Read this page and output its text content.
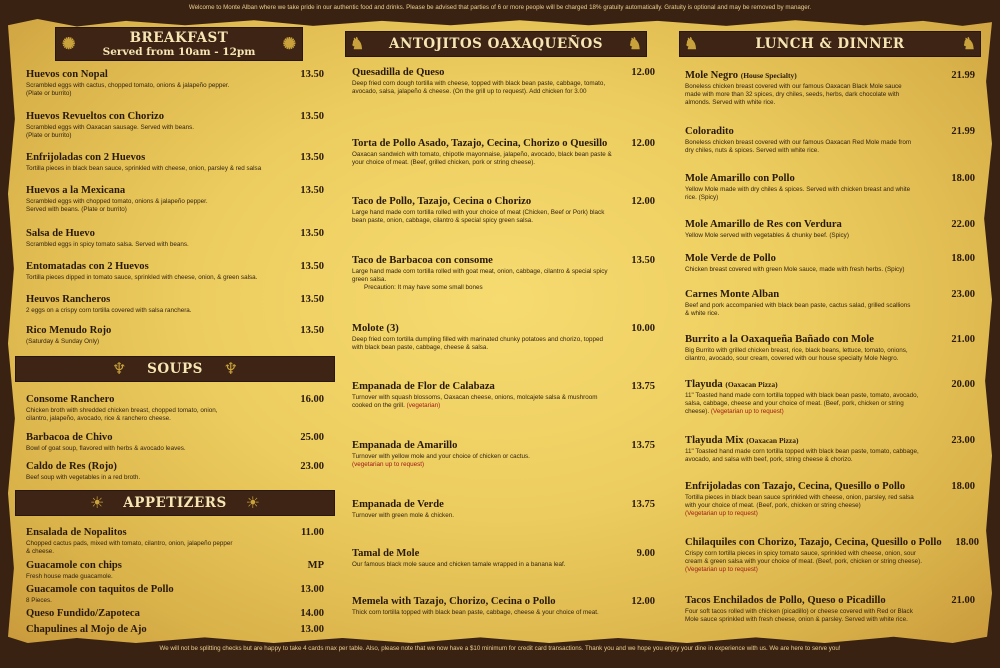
Welcome to Monte Alban where we take pride in our authentic food and drinks. Please be advised that parties of 6 or more people will be charged 18% gratuity automatically. Gratuity is optional and may be removed by manager.
✺	BREAKFAST
Served from 10am - 12pm	✺
Huevos con Nopal	13.50
Scrambled eggs with cactus, chopped tomato, onions & jalapeño pepper.
(Plate or burrito)
Huevos Revueltos con Chorizo	13.50
Scrambled eggs with Oaxacan sausage. Served with beans.
(Plate or burrito)
Enfrijoladas con 2 Huevos	13.50
Tortilla pieces in black bean sauce, sprinkled with cheese, onion, parsley & red salsa
Huevos a la Mexicana	13.50
Scrambled eggs with chopped tomato, onions & jalapeño pepper.
Served with beans. (Plate or burrito)
Salsa de Huevo	13.50
Scrambled eggs in spicy tomato salsa. Served with beans.
Entomatadas con 2 Huevos	13.50
Tortilla pieces dipped in tomato sauce, sprinkled with cheese, onion, & green salsa.
Heuvos Rancheros	13.50
2 eggs on a crispy corn tortilla covered with salsa ranchera.
Rico Menudo Rojo	13.50
(Saturday & Sunday Only)
♆	SOUPS	♆
Consome Ranchero	16.00
Chicken broth with shredded chicken breast, chopped tomato, onion,
cilantro, jalapeño, avocado, rice & ranchero cheese.
Barbacoa de Chivo	25.00
Bowl of goat soup, flavored with herbs & avocado leaves.
Caldo de Res (Rojo)	23.00
Beef soup with vegetables in a red broth.
☀	APPETIZERS	☀
Ensalada de Nopalitos	11.00
Chopped cactus pads, mixed with tomato, cilantro, onion, jalapeño pepper
& cheese.
Guacamole con chips	MP
Fresh house made guacamole.
Guacamole con taquitos de Pollo	13.00
8 Pieces.
Queso Fundido/Zapoteca	14.00
Chapulines al Mojo de Ajo	13.00
♞	ANTOJITOS OAXAQUEÑOS	♞
Quesadilla de Queso	12.00
Deep fried corn dough tortilla with cheese, topped with black bean paste, cabbage, tomato, avocado, salsa, jalapeño & cheese. (On the grill up to request). Add chicken for 3.00
Torta de Pollo Asado, Tazajo, Cecina, Chorizo o Quesillo	12.00
Oaxacan sandwich with tomato, chipotle mayonnaise, jalapeño, avocado, black bean paste & your choice of meat. (Beef, grilled chicken, pork or string cheese).
Taco de Pollo, Tazajo, Cecina o Chorizo	12.00
Large hand made corn tortilla rolled with your choice of meat (Chicken, Beef or Pork) black bean paste, onion, cabbage, cilantro & special spicy green salsa.
Taco de Barbacoa con consome	13.50
Large hand made corn tortilla rolled with goat meat, onion, cabbage, cilantro & special spicy green salsa.
Precaution: It may have some small bones
Molote (3)	10.00
Deep fried corn tortilla dumpling filled with marinated chunky potatoes and chorizo, topped with black bean paste, cabbage, cheese & salsa.
Empanada de Flor de Calabaza	13.75
Turnover with squash blossoms, Oaxacan cheese, onions, molcajete salsa & mushroom cooked on the grill. (vegetarian)
Empanada de Amarillo	13.75
Turnover with yellow mole and your choice of chicken or cactus.
(vegetarian up to request)
Empanada de Verde	13.75
Turnover with green mole & chicken.
Tamal de Mole	9.00
Our famous black mole sauce and chicken tamale wrapped in a banana leaf.
Memela with Tazajo, Chorizo, Cecina o Pollo	12.00
Thick corn tortilla topped with black bean paste, cabbage, cheese & your choice of meat.
♞	LUNCH & DINNER	♞
Mole Negro (House Specialty)	21.99
Boneless chicken breast covered with our famous Oaxacan Black Mole sauce made with more than 32 spices, dry chiles, seeds, herbs, dark chocolate with almonds. Served with white rice.
Coloradito	21.99
Boneless chicken breast covered with our famous Oaxacan Red Mole made from dry chiles, nuts & spices. Served with white rice.
Mole Amarillo con Pollo	18.00
Yellow Mole made with dry chiles & spices. Served with chicken breast and white rice. (Spicy)
Mole Amarillo de Res con Verdura	22.00
Yellow Mole served with vegetables & chunky beef. (Spicy)
Mole Verde de Pollo	18.00
Chicken breast covered with green Mole sauce, made with fresh herbs. (Spicy)
Carnes Monte Alban	23.00
Beef and pork accompanied with black bean paste, cactus salad, grilled scallions & white rice.
Burrito a la Oaxaqueña Bañado con Mole	21.00
Big Burrito with grilled chicken breast, rice, black beans, lettuce, tomato, onions, cilantro, avocado, sour cream, covered with our house specialty Mole Negro.
Tlayuda (Oaxacan Pizza)	20.00
11" Toasted hand made corn tortilla topped with black bean paste, tomato, avocado, salsa, cabbage, cheese and your choice of meat. (Beef, pork, chicken or string cheese). (Vegetarian up to request)
Tlayuda Mix (Oaxacan Pizza)	23.00
11" Toasted hand made corn tortilla topped with black bean paste, tomato, cabbage, avocado, and salsa with beef, pork, string cheese & chorizo.
Enfrijoladas con Tazajo, Cecina, Quesillo o Pollo	18.00
Tortilla pieces in black bean sauce sprinkled with cheese, onion, parsley, red salsa with your choice of meat. (Beef, pork, chicken or string cheese)
(Vegetarian up to request)
Chilaquiles con Chorizo, Tazajo, Cecina, Quesillo o Pollo	18.00
Crispy corn tortilla pieces in spicy tomato sauce, sprinkled with cheese, onion, sour cream & green salsa with your choice of meat. (Beef, pork, chicken or string cheese). (Vegetarian up to request)
Tacos Enchilados de Pollo, Queso o Picadillo	21.00
Four soft tacos rolled with chicken (picadillo) or cheese covered with Red or Black Mole sauce sprinkled with fresh cheese, onion & parsley. Served with white rice.
We will not be splitting checks but are happy to take 4 cards max per table. Also, please note that we now have a $10 minimum for credit card transactions. Thank you and we hope you enjoy your dine in experience with us. We are here to serve you!
